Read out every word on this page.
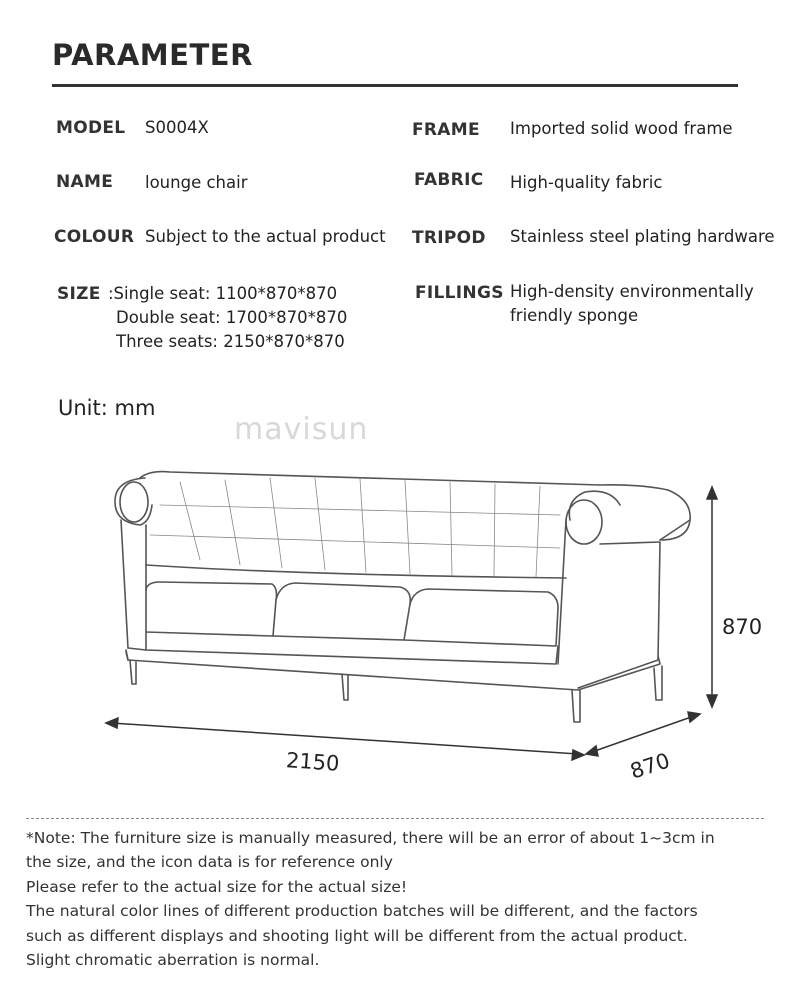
PARAMETER
MODEL S0004X
NAME lounge chair
COLOUR Subject to the actual product
SIZE :Single seat: 1100*870*870
Double seat: 1700*870*870
Three seats: 2150*870*870
FRAME Imported solid wood frame
FABRIC High-quality fabric
TRIPOD Stainless steel plating hardware
FILLINGS High-density environmentally
friendly sponge
Unit: mm
mavisun
2150	870
870
*Note: The furniture size is manually measured, there will be an error of about 1~3cm in
the size, and the icon data is for reference only
Please refer to the actual size for the actual size!
The natural color lines of different production batches will be different, and the factors
such as different displays and shooting light will be different from the actual product.
Slight chromatic aberration is normal.
